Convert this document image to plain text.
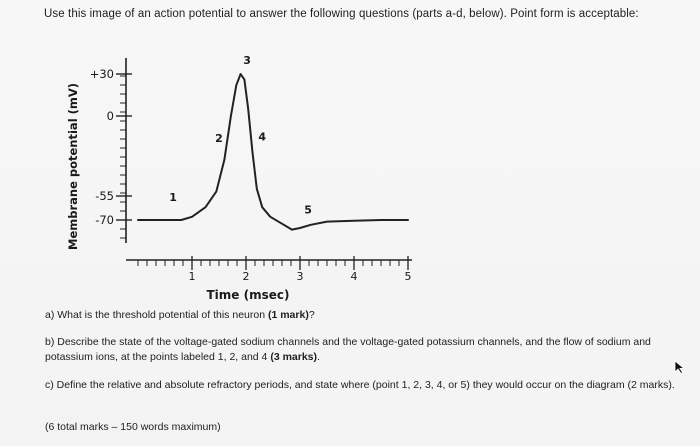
Use this image of an action potential to answer the following questions (parts a-d, below). Point form is acceptable:
+30
0
-55
-70
1	2	3	4	5
Membrane potential (mV)
Time (msec)
1
2
3
4
5
a) What is the threshold potential of this neuron (1 mark)?
b) Describe the state of the voltage-gated sodium channels and the voltage-gated potassium channels, and the flow of sodium and potassium ions, at the points labeled 1, 2, and 4 (3 marks).
c) Define the relative and absolute refractory periods, and state where (point 1, 2, 3, 4, or 5) they would occur on the diagram (2 marks).
(6 total marks – 150 words maximum)
